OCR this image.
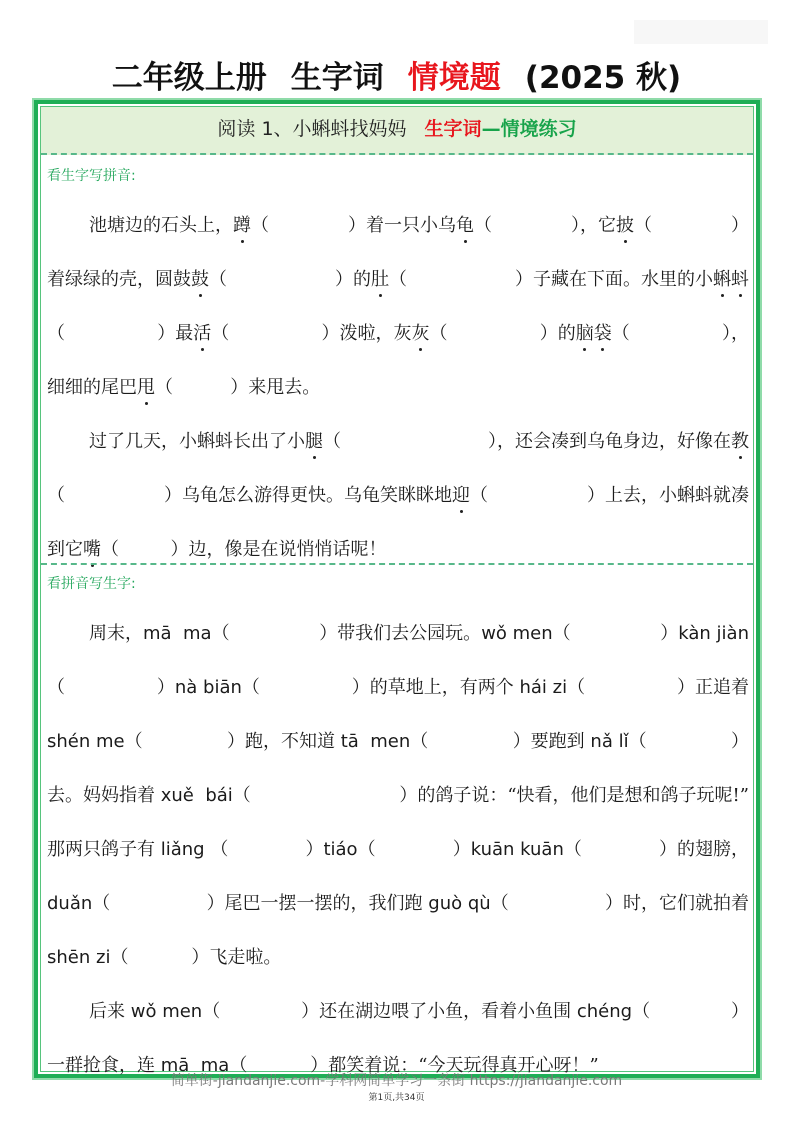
二年级上册 生字词 情境题 (2025 秋)
阅读 1、小蝌蚪找妈妈 生字词—情境练习
看生字写拼音:
池塘边的石头上，蹲（	）着一只小乌龟（	），它披（	）
着绿绿的壳，圆鼓鼓（	）的肚（	）子藏在下面。水里的小蝌蚪
（	）最活（	）泼啦，灰灰（	）的脑袋（	），
细细的尾巴甩（ ）来甩去。
过了几天，小蝌蚪长出了小腿（	），还会凑到乌龟身边，好像在教
（	）乌龟怎么游得更快。乌龟笑眯眯地迎（	）上去，小蝌蚪就凑
到它嘴（ ）边，像是在说悄悄话呢！
看拼音写生字:
周末，mā  ma（	）带我们去公园玩。wǒ men（	）kàn jiàn
（	）nà biān（	）的草地上，有两个 hái zi（	）正追着
shén me（	）跑，不知道 tā  men（	）要跑到 nǎ lǐ（	）
去。妈妈指着 xuě  bái（	）的鸽子说：“快看，他们是想和鸽子玩呢!”
那两只鸽子有 liǎng （	）tiáo（	）kuān kuān（	）的翅膀，
duǎn（	）尾巴一摆一摆的，我们跑 guò qù（	）时，它们就拍着
shēn zi（ ）飞走啦。
后来 wǒ men（	）还在湖边喂了小鱼，看着小鱼围 chéng（	）
一群抢食，连 mā  ma（ ）都笑着说：“今天玩得真开心呀！”
简单街-jiandanjie.com-学科网简单学习一条街 https://jiandanjie.com
第1页,共34页
